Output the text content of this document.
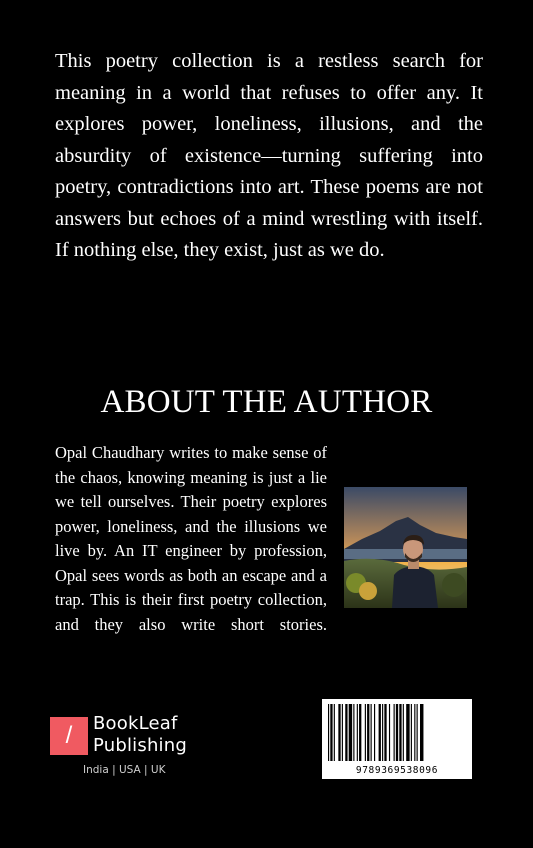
This poetry collection is a restless search for meaning in a world that refuses to offer any. It explores power, loneliness, illusions, and the absurdity of existence—turning suffering into poetry, contradictions into art. These poems are not answers but echoes of a mind wrestling with itself. If nothing else, they exist, just as we do.

ABOUT THE AUTHOR

Opal Chaudhary writes to make sense of the chaos, knowing meaning is just a lie we tell ourselves. Their poetry explores power, loneliness, and the illusions we live by. An IT engineer by profession, Opal sees words as both an escape and a trap. This is their first poetry collection, and they also write short stories.

/	BookLeaf
Publishing
India | USA | UK	9789369538096
